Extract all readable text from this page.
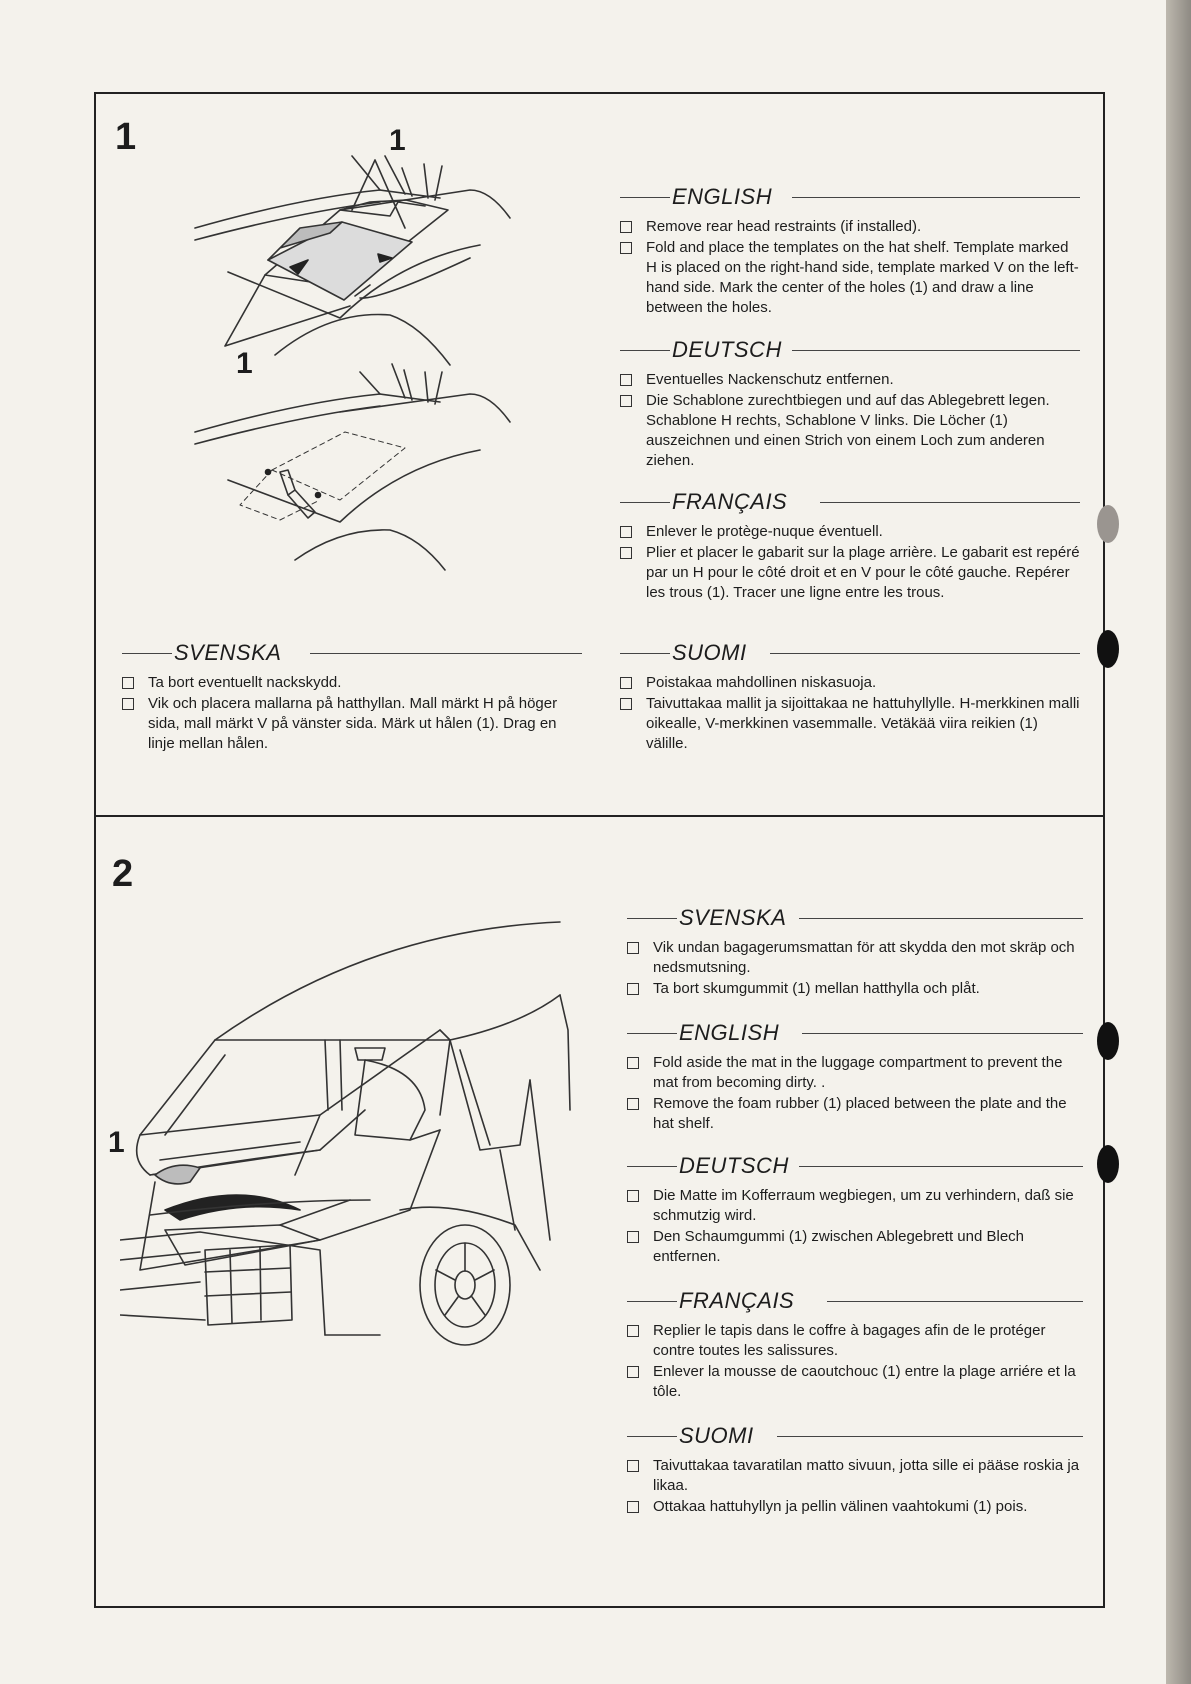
1	1
1
ENGLISH
Remove rear head restraints (if installed).
Fold and place the templates on the hat shelf. Template marked H is placed on the right-hand side, template marked V on the left-hand side. Mark the center of the holes (1) and draw a line between the holes.
DEUTSCH
Eventuelles Nackenschutz entfernen.
Die Schablone zurechtbiegen und auf das Ablegebrett legen. Schablone H rechts, Schablone V links. Die Löcher (1) auszeichnen und einen Strich von einem Loch zum anderen ziehen.
FRANÇAIS
Enlever le protège-nuque éventuell.
Plier et placer le gabarit sur la plage arrière. Le gabarit est repéré par un H pour le côté droit et en V pour le côté gauche. Repérer les trous (1). Tracer une ligne entre les trous.
SUOMI
Poistakaa mahdollinen niskasuoja.
Taivuttakaa mallit ja sijoittakaa ne hattuhyllylle. H-merkkinen malli oikealle, V-merkkinen vasemmalle. Vetäkää viira reikien (1) välille.
SVENSKA
Ta bort eventuellt nackskydd.
Vik och placera mallarna på hatthyllan. Mall märkt H på höger sida, mall märkt V på vänster sida. Märk ut hålen (1). Drag en linje mellan hålen.
2
1
SVENSKA
Vik undan bagagerumsmattan för att skydda den mot skräp och nedsmutsning.
Ta bort skumgummit (1) mellan hatthylla och plåt.
ENGLISH
Fold aside the mat in the luggage compartment to prevent the mat from becoming dirty. .
Remove the foam rubber (1) placed between the plate and the hat shelf.
DEUTSCH
Die Matte im Kofferraum wegbiegen, um zu verhindern, daß sie schmutzig wird.
Den Schaumgummi (1) zwischen Ablegebrett und Blech entfernen.
FRANÇAIS
Replier le tapis dans le coffre à bagages afin de le protéger contre toutes les salissures.
Enlever la mousse de caoutchouc (1) entre la plage arriére et la tôle.
SUOMI
Taivuttakaa tavaratilan matto sivuun, jotta sille ei pääse roskia ja likaa.
Ottakaa hattuhyllyn ja pellin välinen vaahtokumi (1) pois.
